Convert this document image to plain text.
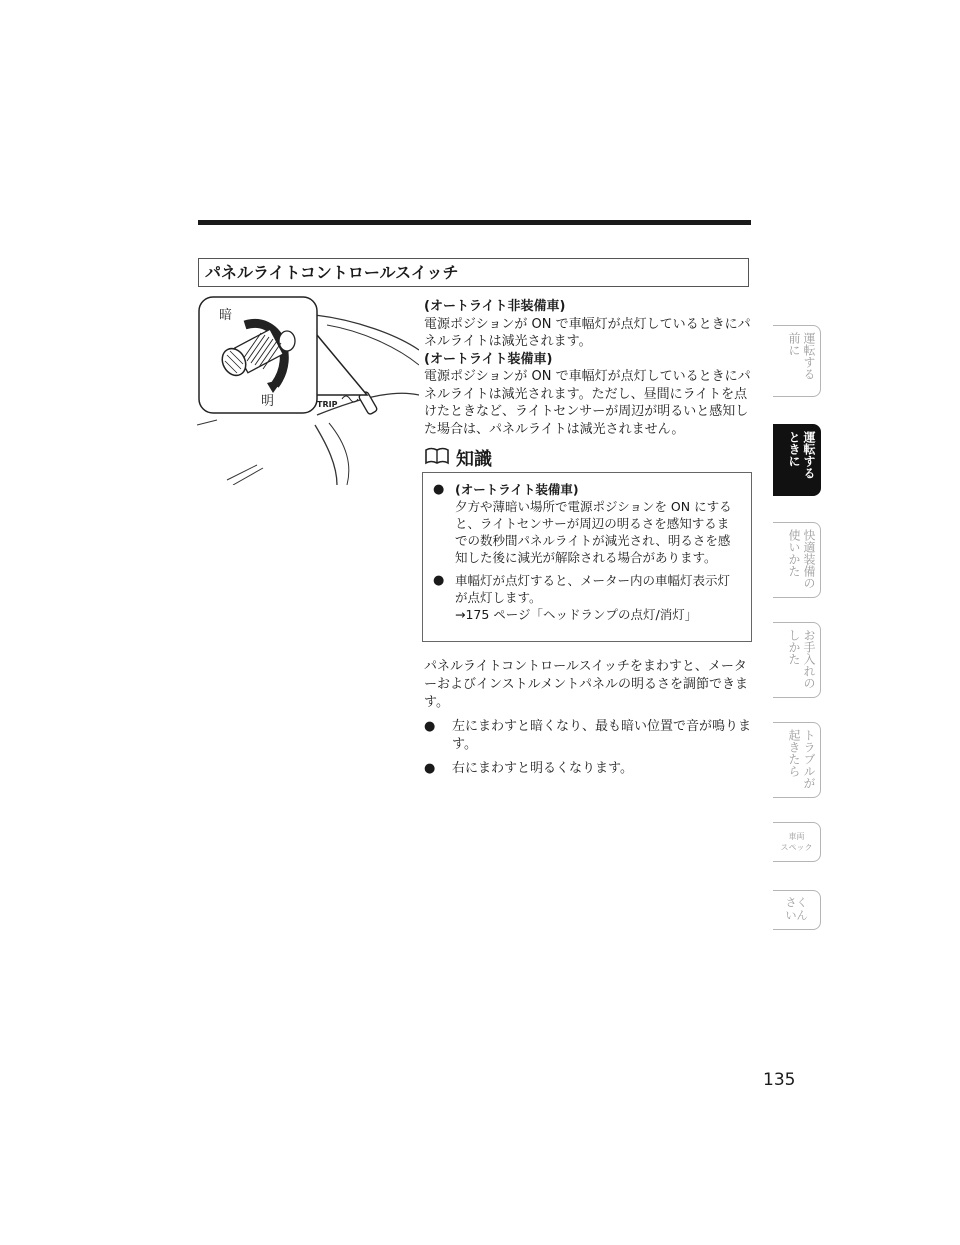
パネルライトコントロールスイッチ
TRIP
暗
明

(オートライト非装備車)

電源ポジションが ON で車幅灯が点灯しているときにパネルライトは減光されます。

(オートライト装備車)

電源ポジションが ON で車幅灯が点灯しているときにパネルライトは減光されます。ただし、昼間にライトを点けたときなど、ライトセンサーが周辺が明るいと感知した場合は、パネルライトは減光されません。

知識
● (オートライト装備車)
夕方や薄暗い場所で電源ポジションを ON にすると、ライトセンサーが周辺の明るさを感知するまでの数秒間パネルライトが減光され、明るさを感知した後に減光が解除される場合があります。
● 車幅灯が点灯すると、メーター内の車幅灯表示灯が点灯します。
→175 ページ「ヘッドランプの点灯/消灯」

パネルライトコントロールスイッチをまわすと、メーターおよびインストルメントパネルの明るさを調節できます。

●	左にまわすと暗くなり、最も暗い位置で音が鳴ります。
●	右にまわすと明るくなります。
運転する
前に
運転する
ときに
快適装備の
使いかた
お手入れの
しかた
トラブルが
起きたら
車両
スペック
さく
いん
135
